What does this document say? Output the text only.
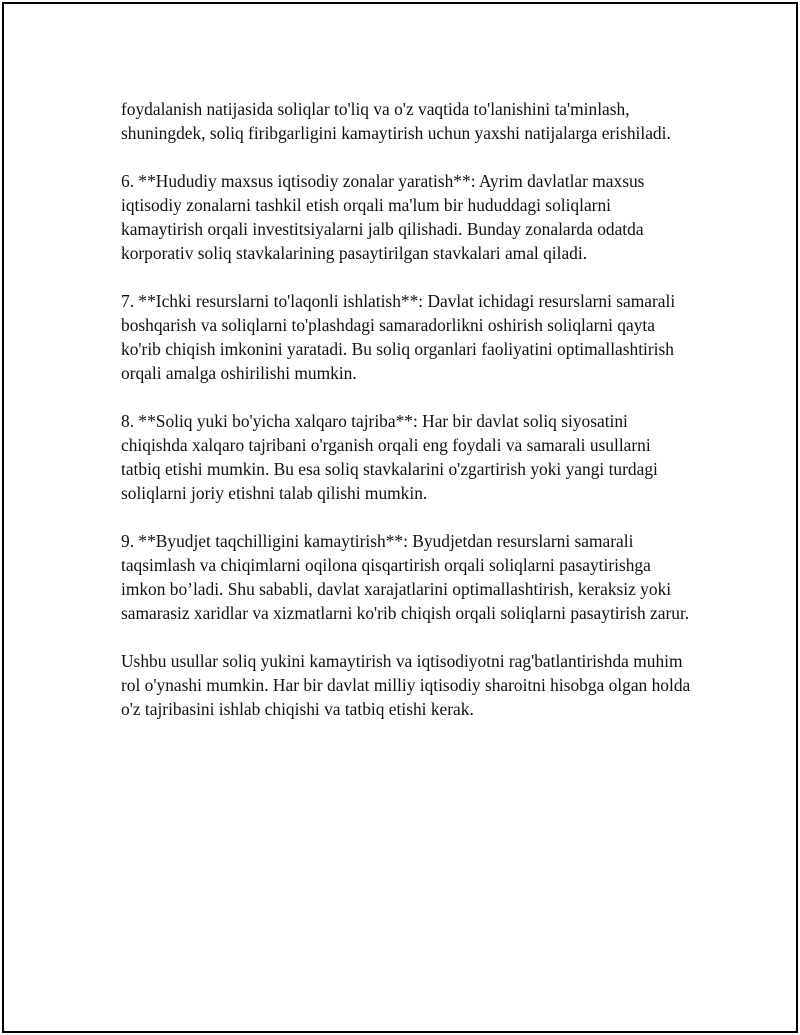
foydalanish natijasida soliqlar to'liq va o'z vaqtida to'lanishini ta'minlash, shuningdek, soliq firibgarligini kamaytirish uchun yaxshi natijalarga erishiladi.

6. **Hududiy maxsus iqtisodiy zonalar yaratish**: Ayrim davlatlar maxsus iqtisodiy zonalarni tashkil etish orqali ma'lum bir hududdagi soliqlarni kamaytirish orqali investitsiyalarni jalb qilishadi. Bunday zonalarda odatda korporativ soliq stavkalarining pasaytirilgan stavkalari amal qiladi.

7. **Ichki resurslarni to'laqonli ishlatish**: Davlat ichidagi resurslarni samarali boshqarish va soliqlarni to'plashdagi samaradorlikni oshirish soliqlarni qayta ko'rib chiqish imkonini yaratadi. Bu soliq organlari faoliyatini optimallashtirish orqali amalga oshirilishi mumkin.

8. **Soliq yuki bo'yicha xalqaro tajriba**: Har bir davlat soliq siyosatini chiqishda xalqaro tajribani o'rganish orqali eng foydali va samarali usullarni tatbiq etishi mumkin. Bu esa soliq stavkalarini o'zgartirish yoki yangi turdagi soliqlarni joriy etishni talab qilishi mumkin.

9. **Byudjet taqchilligini kamaytirish**: Byudjetdan resurslarni samarali taqsimlash va chiqimlarni oqilona qisqartirish orqali soliqlarni pasaytirishga imkon bo’ladi. Shu sababli, davlat xarajatlarini optimallashtirish, keraksiz yoki samarasiz xaridlar va xizmatlarni ko'rib chiqish orqali soliqlarni pasaytirish zarur.

Ushbu usullar soliq yukini kamaytirish va iqtisodiyotni rag'batlantirishda muhim rol o'ynashi mumkin. Har bir davlat milliy iqtisodiy sharoitni hisobga olgan holda o'z tajribasini ishlab chiqishi va tatbiq etishi kerak.
